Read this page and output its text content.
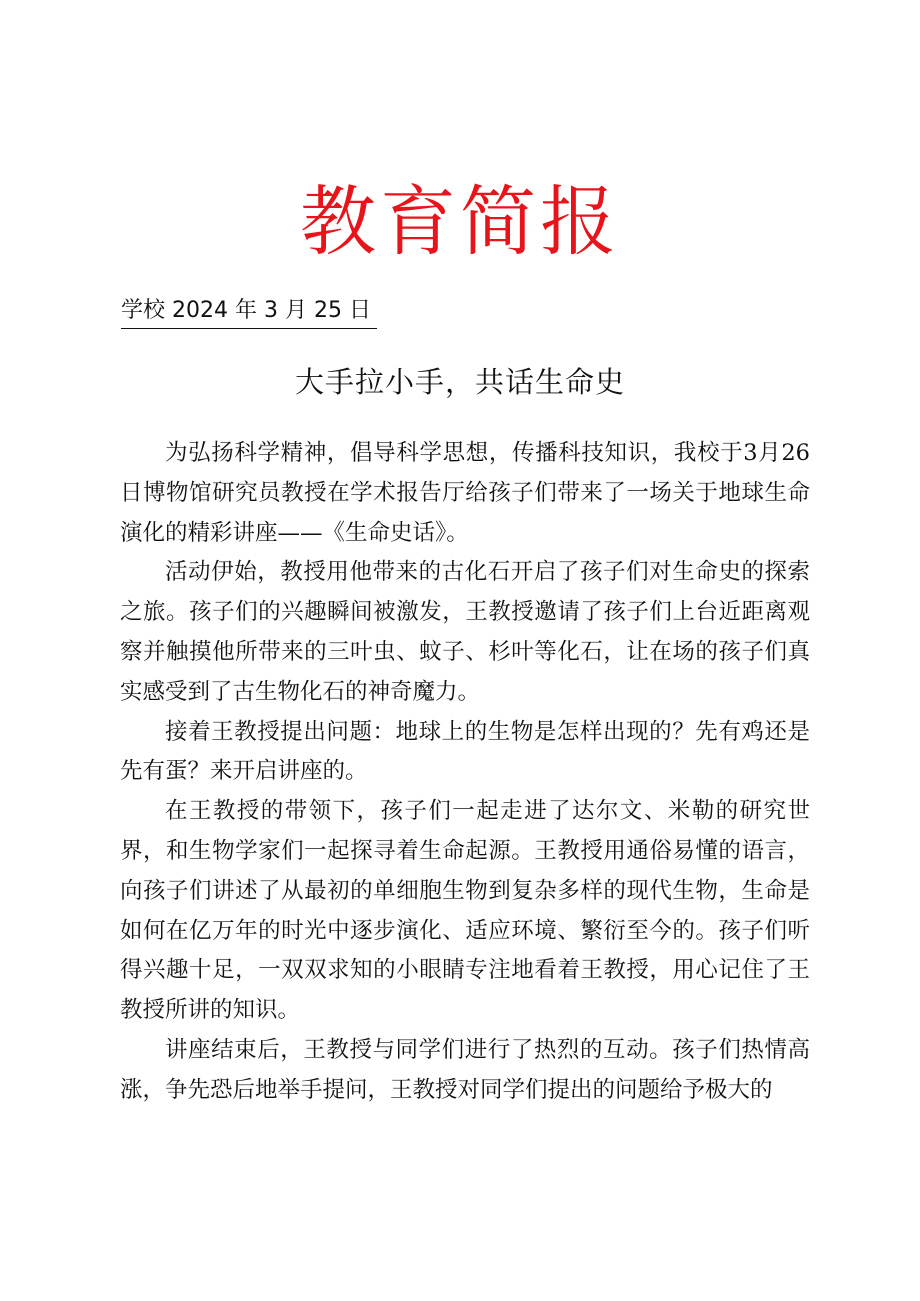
教育简报
学校 2024 年 3 月 25 日
大手拉小手，共话生命史

为弘扬科学精神，倡导科学思想，传播科技知识，我校于3月26日博物馆研究员教授在学术报告厅给孩子们带来了一场关于地球生命演化的精彩讲座——《生命史话》。

活动伊始，教授用他带来的古化石开启了孩子们对生命史的探索之旅。孩子们的兴趣瞬间被激发，王教授邀请了孩子们上台近距离观察并触摸他所带来的三叶虫、蚊子、杉叶等化石，让在场的孩子们真实感受到了古生物化石的神奇魔力。

接着王教授提出问题：地球上的生物是怎样出现的？先有鸡还是先有蛋？来开启讲座的。

在王教授的带领下，孩子们一起走进了达尔文、米勒的研究世界，和生物学家们一起探寻着生命起源。王教授用通俗易懂的语言，向孩子们讲述了从最初的单细胞生物到复杂多样的现代生物，生命是如何在亿万年的时光中逐步演化、适应环境、繁衍至今的。孩子们听得兴趣十足，一双双求知的小眼睛专注地看着王教授，用心记住了王教授所讲的知识。

讲座结束后，王教授与同学们进行了热烈的互动。孩子们热情高涨，争先恐后地举手提问，王教授对同学们提出的问题给予极大的
